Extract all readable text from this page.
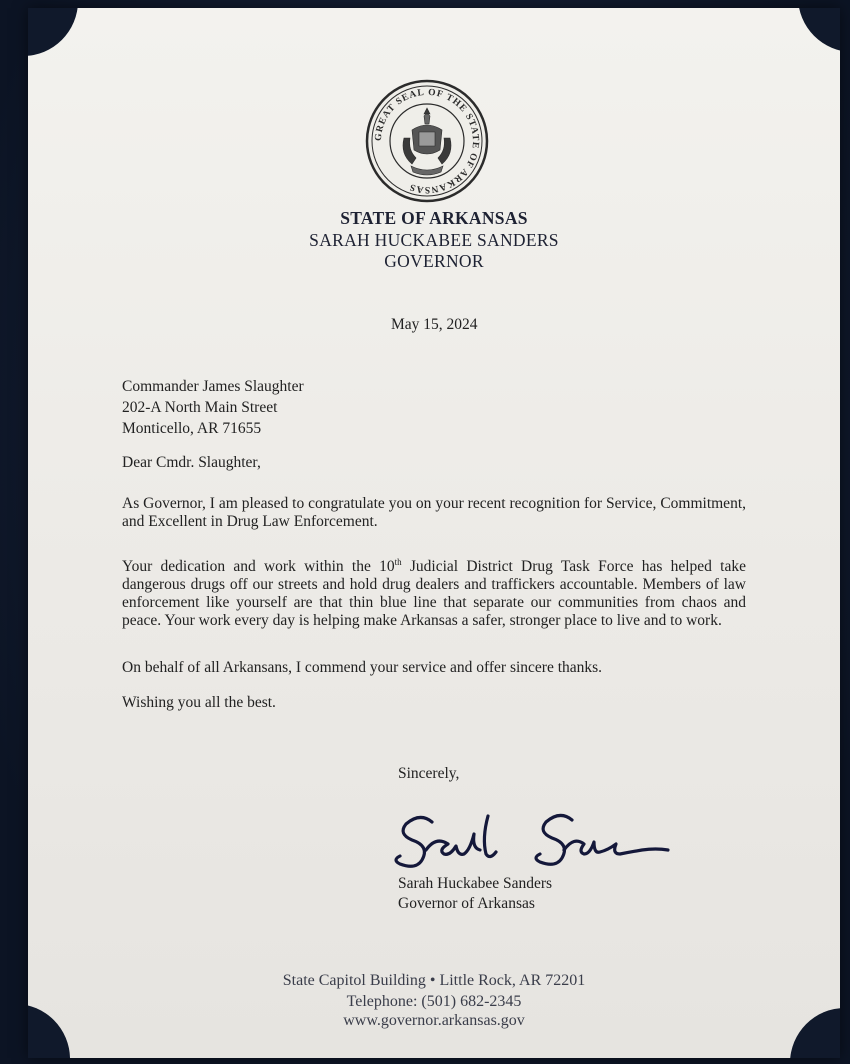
GREAT SEAL OF THE STATE OF ARKANSAS
STATE OF ARKANSAS
SARAH HUCKABEE SANDERS
GOVERNOR
May 15, 2024
Commander James Slaughter
202-A North Main Street
Monticello, AR 71655
Dear Cmdr. Slaughter,
As Governor, I am pleased to congratulate you on your recent recognition for Service, Commitment, and Excellent in Drug Law Enforcement.
Your dedication and work within the 10th Judicial District Drug Task Force has helped take dangerous drugs off our streets and hold drug dealers and traffickers accountable. Members of law enforcement like yourself are that thin blue line that separate our communities from chaos and peace. Your work every day is helping make Arkansas a safer, stronger place to live and to work.
On behalf of all Arkansans, I commend your service and offer sincere thanks.
Wishing you all the best.
Sincerely,
Sarah Huckabee Sanders
Governor of Arkansas
State Capitol Building • Little Rock, AR 72201
Telephone: (501) 682-2345
www.governor.arkansas.gov
